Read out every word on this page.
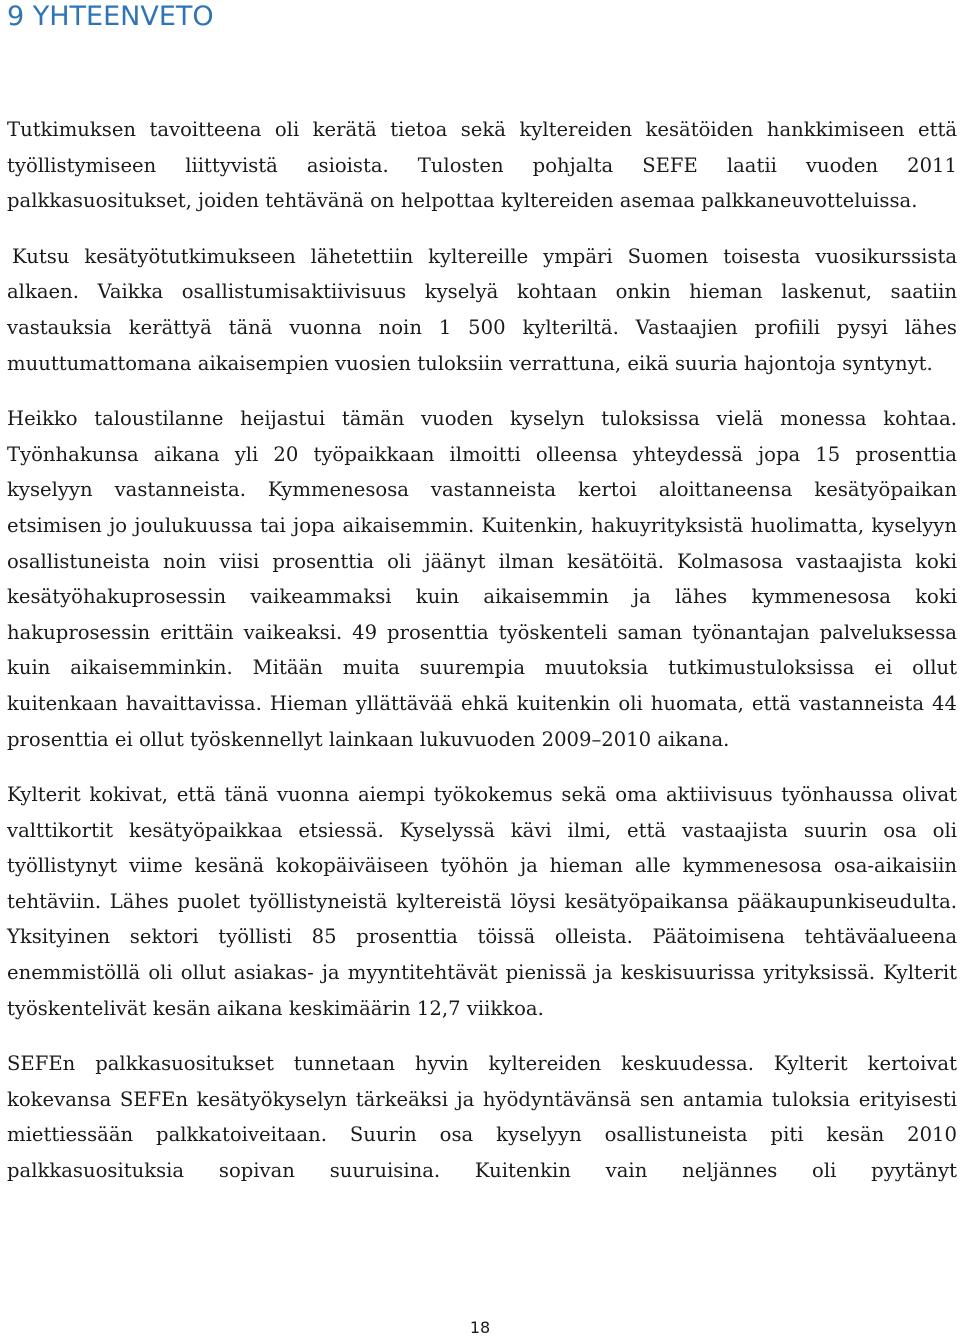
9 YHTEENVETO

Tutkimuksen tavoitteena oli kerätä tietoa sekä kyltereiden kesätöiden hankkimiseen että työllistymiseen liittyvistä asioista. Tulosten pohjalta SEFE laatii vuoden 2011 palkkasuositukset, joiden tehtävänä on helpottaa kyltereiden asemaa palkkaneuvotteluissa.

Kutsu kesätyötutkimukseen lähetettiin kyltereille ympäri Suomen toisesta vuosikurssista alkaen. Vaikka osallistumisaktiivisuus kyselyä kohtaan onkin hieman laskenut, saatiin vastauksia kerättyä tänä vuonna noin 1 500 kylteriltä. Vastaajien profiili pysyi lähes muuttumattomana aikaisempien vuosien tuloksiin verrattuna, eikä suuria hajontoja syntynyt.

Heikko taloustilanne heijastui tämän vuoden kyselyn tuloksissa vielä monessa kohtaa. Työnhakunsa aikana yli 20 työpaikkaan ilmoitti olleensa yhteydessä jopa 15 prosenttia kyselyyn vastanneista. Kymmenesosa vastanneista kertoi aloittaneensa kesätyöpaikan etsimisen jo joulukuussa tai jopa aikaisemmin. Kuitenkin, hakuyrityksistä huolimatta, kyselyyn osallistuneista noin viisi prosenttia oli jäänyt ilman kesätöitä. Kolmasosa vastaajista koki kesätyöhakuprosessin vaikeammaksi kuin aikaisemmin ja lähes kymmenesosa koki hakuprosessin erittäin vaikeaksi. 49 prosenttia työskenteli saman työnantajan palveluksessa kuin aikaisemminkin. Mitään muita suurempia muutoksia tutkimustuloksissa ei ollut kuitenkaan havaittavissa. Hieman yllättävää ehkä kuitenkin oli huomata, että vastanneista 44 prosenttia ei ollut työskennellyt lainkaan lukuvuoden 2009–2010 aikana.

Kylterit kokivat, että tänä vuonna aiempi työkokemus sekä oma aktiivisuus työnhaussa olivat valttikortit kesätyöpaikkaa etsiessä. Kyselyssä kävi ilmi, että vastaajista suurin osa oli työllistynyt viime kesänä kokopäiväiseen työhön ja hieman alle kymmenesosa osa-aikaisiin tehtäviin. Lähes puolet työllistyneistä kyltereistä löysi kesätyöpaikansa pääkaupunkiseudulta. Yksityinen sektori työllisti 85 prosenttia töissä olleista. Päätoimisena tehtäväalueena enemmistöllä oli ollut asiakas- ja myyntitehtävät pienissä ja keskisuurissa yrityksissä. Kylterit työskentelivät kesän aikana keskimäärin 12,7 viikkoa.

SEFEn palkkasuositukset tunnetaan hyvin kyltereiden keskuudessa. Kylterit kertoivat kokevansa SEFEn kesätyökyselyn tärkeäksi ja hyödyntävänsä sen antamia tuloksia erityisesti miettiessään palkkatoiveitaan. Suurin osa kyselyyn osallistuneista piti kesän 2010 palkkasuosituksia sopivan suuruisina. Kuitenkin vain neljännes oli pyytänyt

18
